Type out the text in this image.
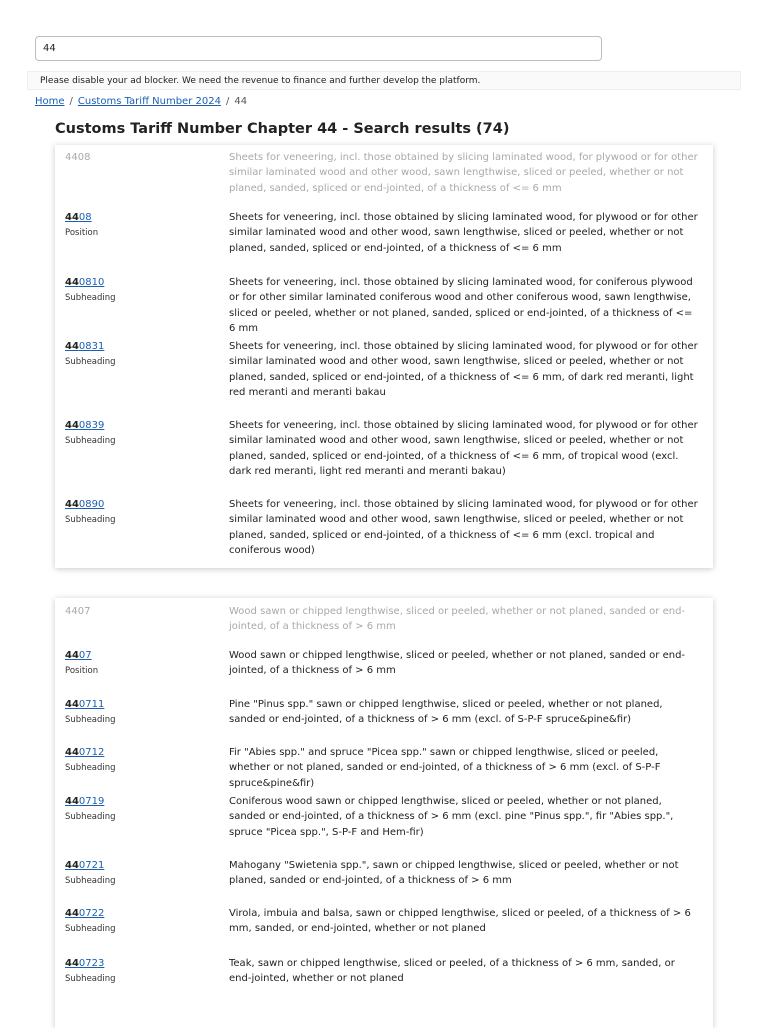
44
Please disable your ad blocker. We need the revenue to finance and further develop the platform.
Home / Customs Tariff Number 2024 / 44
Customs Tariff Number Chapter 44 - Search results (74)
4408	Sheets for veneering, incl. those obtained by slicing laminated wood, for plywood or for other similar laminated wood and other wood, sawn lengthwise, sliced or peeled, whether or not planed, sanded, spliced or end-jointed, of a thickness of <= 6 mm
4408
Position
Sheets for veneering, incl. those obtained by slicing laminated wood, for plywood or for other similar laminated wood and other wood, sawn lengthwise, sliced or peeled, whether or not planed, sanded, spliced or end-jointed, of a thickness of <= 6 mm
440810
Subheading
Sheets for veneering, incl. those obtained by slicing laminated wood, for coniferous plywood or for other similar laminated coniferous wood and other coniferous wood, sawn lengthwise, sliced or peeled, whether or not planed, sanded, spliced or end-jointed, of a thickness of <= 6 mm
440831
Subheading
Sheets for veneering, incl. those obtained by slicing laminated wood, for plywood or for other similar laminated wood and other wood, sawn lengthwise, sliced or peeled, whether or not planed, sanded, spliced or end-jointed, of a thickness of <= 6 mm, of dark red meranti, light red meranti and meranti bakau
440839
Subheading
Sheets for veneering, incl. those obtained by slicing laminated wood, for plywood or for other similar laminated wood and other wood, sawn lengthwise, sliced or peeled, whether or not planed, sanded, spliced or end-jointed, of a thickness of <= 6 mm, of tropical wood (excl. dark red meranti, light red meranti and meranti bakau)
440890
Subheading
Sheets for veneering, incl. those obtained by slicing laminated wood, for plywood or for other similar laminated wood and other wood, sawn lengthwise, sliced or peeled, whether or not planed, sanded, spliced or end-jointed, of a thickness of <= 6 mm (excl. tropical and coniferous wood)
4407	Wood sawn or chipped lengthwise, sliced or peeled, whether or not planed, sanded or end-jointed, of a thickness of > 6 mm
4407
Position
Wood sawn or chipped lengthwise, sliced or peeled, whether or not planed, sanded or end-jointed, of a thickness of > 6 mm
440711
Subheading
Pine "Pinus spp." sawn or chipped lengthwise, sliced or peeled, whether or not planed, sanded or end-jointed, of a thickness of > 6 mm (excl. of S-P-F spruce&pine&fir)
440712
Subheading
Fir "Abies spp." and spruce "Picea spp." sawn or chipped lengthwise, sliced or peeled, whether or not planed, sanded or end-jointed, of a thickness of > 6 mm (excl. of S-P-F spruce&pine&fir)
440719
Subheading
Coniferous wood sawn or chipped lengthwise, sliced or peeled, whether or not planed, sanded or end-jointed, of a thickness of > 6 mm (excl. pine "Pinus spp.", fir "Abies spp.", spruce "Picea spp.", S-P-F and Hem-fir)
440721
Subheading
Mahogany "Swietenia spp.", sawn or chipped lengthwise, sliced or peeled, whether or not planed, sanded or end-jointed, of a thickness of > 6 mm
440722
Subheading
Virola, imbuia and balsa, sawn or chipped lengthwise, sliced or peeled, of a thickness of > 6 mm, sanded, or end-jointed, whether or not planed
440723
Subheading
Teak, sawn or chipped lengthwise, sliced or peeled, of a thickness of > 6 mm, sanded, or end-jointed, whether or not planed
